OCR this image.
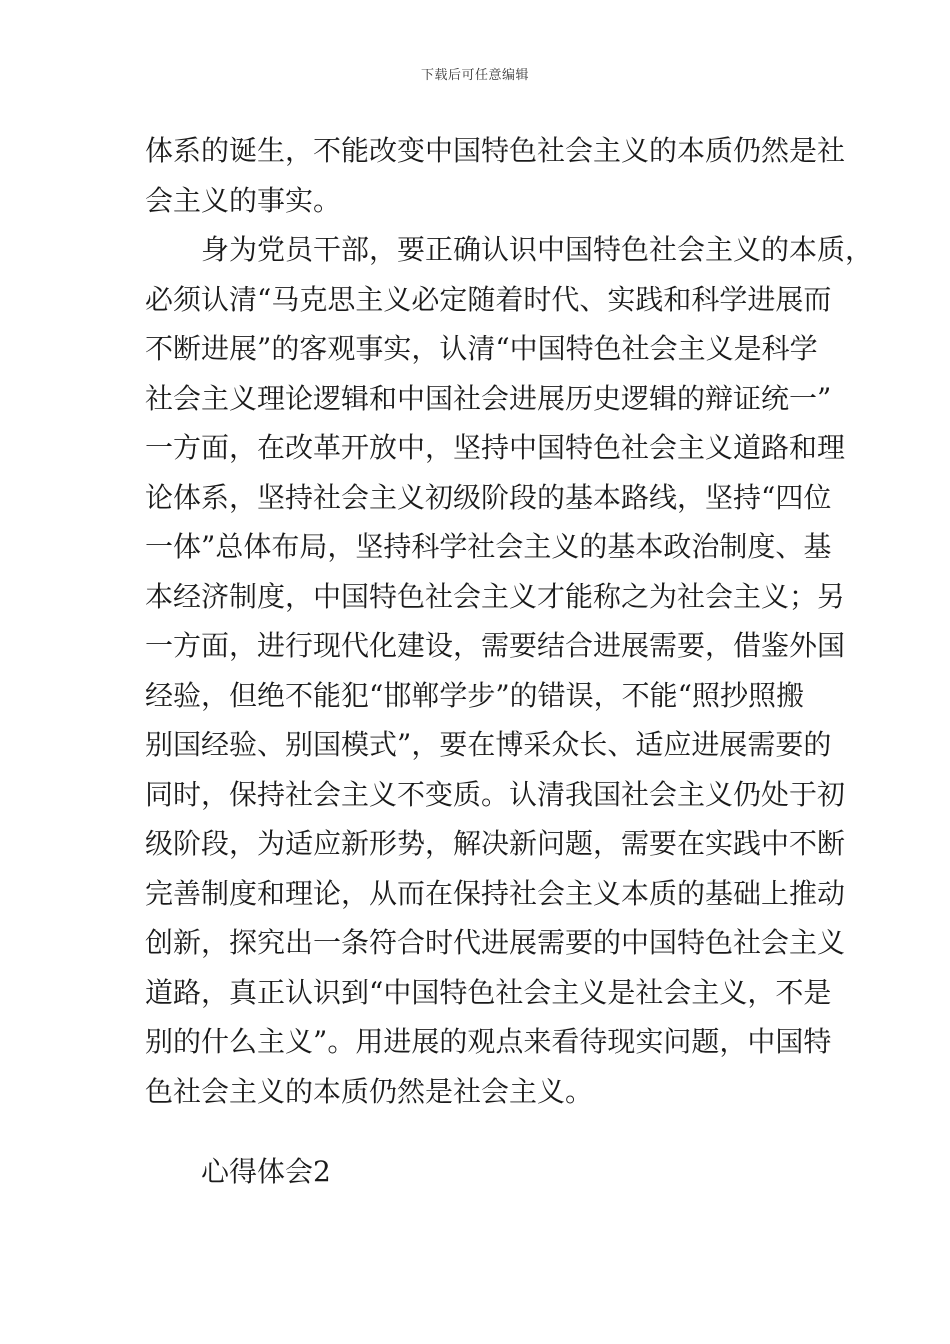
下载后可任意编辑
体系的诞生，不能改变中国特色社会主义的本质仍然是社
会主义的事实。
身为党员干部，要正确认识中国特色社会主义的本质，
必须认清“马克思主义必定随着时代、实践和科学进展而
不断进展”的客观事实，认清“中国特色社会主义是科学
社会主义理论逻辑和中国社会进展历史逻辑的辩证统一”
一方面，在改革开放中，坚持中国特色社会主义道路和理
论体系，坚持社会主义初级阶段的基本路线，坚持“四位
一体”总体布局，坚持科学社会主义的基本政治制度、基
本经济制度，中国特色社会主义才能称之为社会主义；另
一方面，进行现代化建设，需要结合进展需要，借鉴外国
经验，但绝不能犯“邯郸学步”的错误，不能“照抄照搬
别国经验、别国模式”，要在博采众长、适应进展需要的
同时，保持社会主义不变质。认清我国社会主义仍处于初
级阶段，为适应新形势，解决新问题，需要在实践中不断
完善制度和理论，从而在保持社会主义本质的基础上推动
创新，探究出一条符合时代进展需要的中国特色社会主义
道路，真正认识到“中国特色社会主义是社会主义，不是
别的什么主义”。用进展的观点来看待现实问题，中国特
色社会主义的本质仍然是社会主义。
心得体会2
